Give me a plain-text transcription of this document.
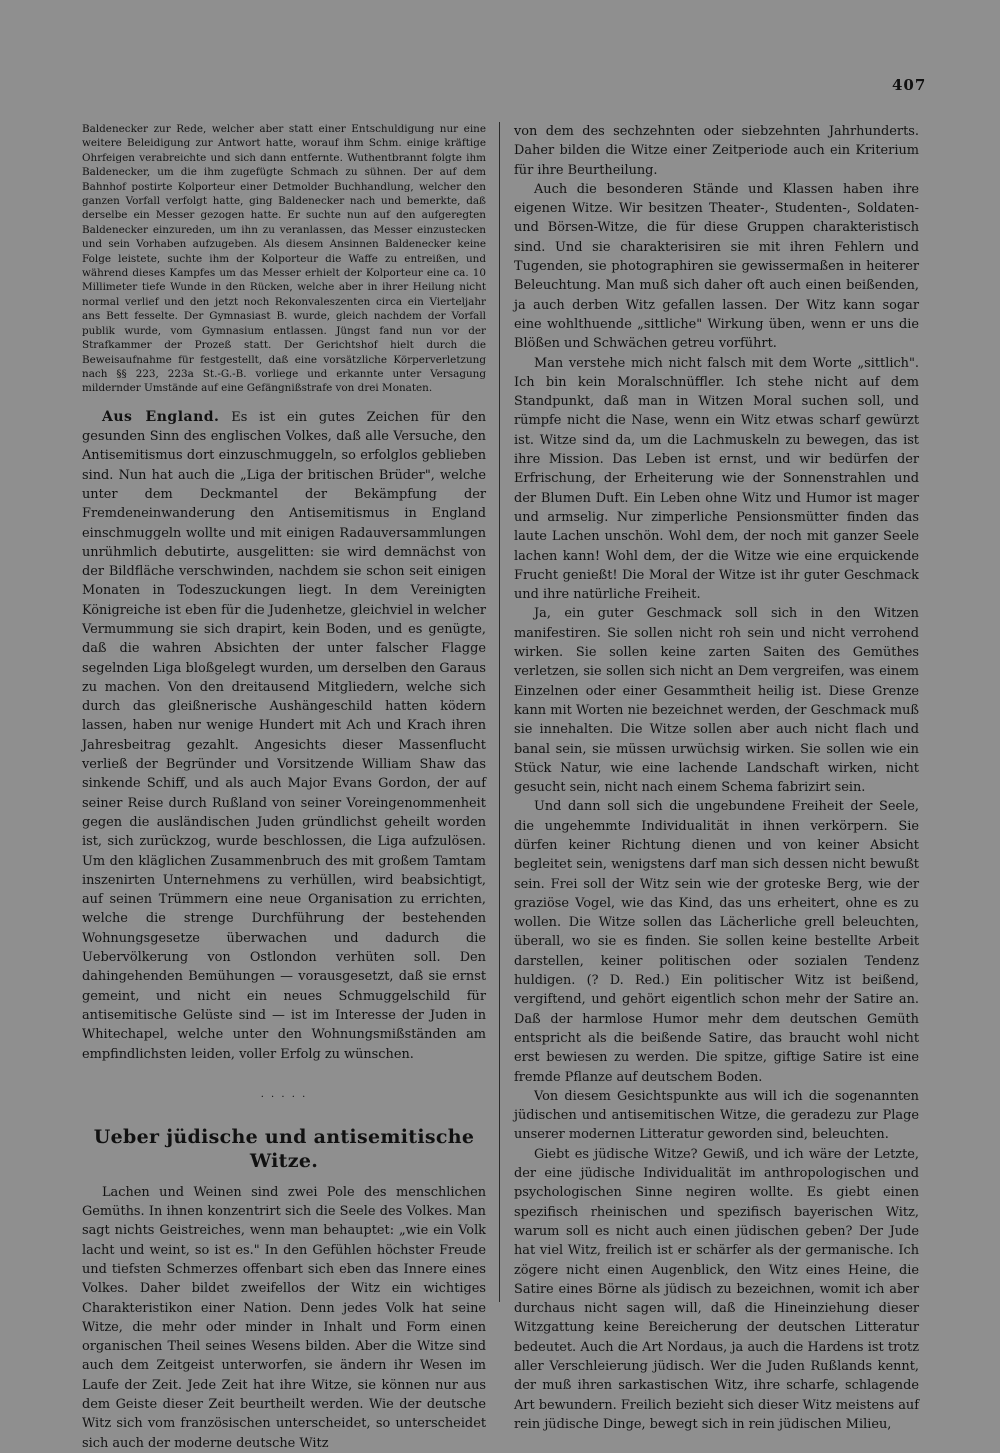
407

Baldenecker zur Rede, welcher aber statt einer Entschuldigung nur eine weitere Beleidigung zur Antwort hatte, worauf ihm Schm. einige kräftige Ohrfeigen verabreichte und sich dann entfernte. Wuthentbrannt folgte ihm Baldenecker, um die ihm zugefügte Schmach zu sühnen. Der auf dem Bahnhof postirte Kolporteur einer Detmolder Buchhandlung, welcher den ganzen Vorfall verfolgt hatte, ging Baldenecker nach und bemerkte, daß derselbe ein Messer gezogen hatte. Er suchte nun auf den aufgeregten Baldenecker einzureden, um ihn zu veranlassen, das Messer einzustecken und sein Vorhaben aufzugeben. Als diesem Ansinnen Baldenecker keine Folge leistete, suchte ihm der Kolporteur die Waffe zu entreißen, und während dieses Kampfes um das Messer erhielt der Kolporteur eine ca. 10 Millimeter tiefe Wunde in den Rücken, welche aber in ihrer Heilung nicht normal verlief und den jetzt noch Rekonvaleszenten circa ein Vierteljahr ans Bett fesselte. Der Gymnasiast B. wurde, gleich nachdem der Vorfall publik wurde, vom Gymnasium entlassen. Jüngst fand nun vor der Strafkammer der Prozeß statt. Der Gerichtshof hielt durch die Beweisaufnahme für festgestellt, daß eine vorsätzliche Körperverletzung nach §§ 223, 223a St.-G.-B. vorliege und erkannte unter Versagung mildernder Umstände auf eine Gefängnißstrafe von drei Monaten.

Aus England. Es ist ein gutes Zeichen für den gesunden Sinn des englischen Volkes, daß alle Versuche, den Antisemitismus dort einzuschmuggeln, so erfolglos geblieben sind. Nun hat auch die „Liga der britischen Brüder", welche unter dem Deckmantel der Bekämpfung der Fremdeneinwanderung den Antisemitismus in England einschmuggeln wollte und mit einigen Radauversammlungen unrühmlich debutirte, ausgelitten: sie wird demnächst von der Bildfläche verschwinden, nachdem sie schon seit einigen Monaten in Todeszuckungen liegt. In dem Vereinigten Königreiche ist eben für die Judenhetze, gleichviel in welcher Vermummung sie sich drapirt, kein Boden, und es genügte, daß die wahren Absichten der unter falscher Flagge segelnden Liga bloßgelegt wurden, um derselben den Garaus zu machen. Von den dreitausend Mitgliedern, welche sich durch das gleißnerische Aushängeschild hatten ködern lassen, haben nur wenige Hundert mit Ach und Krach ihren Jahresbeitrag gezahlt. Angesichts dieser Massenflucht verließ der Begründer und Vorsitzende William Shaw das sinkende Schiff, und als auch Major Evans Gordon, der auf seiner Reise durch Rußland von seiner Voreingenommenheit gegen die ausländischen Juden gründlichst geheilt worden ist, sich zurückzog, wurde beschlossen, die Liga aufzulösen. Um den kläglichen Zusammenbruch des mit großem Tamtam inszenirten Unternehmens zu verhüllen, wird beabsichtigt, auf seinen Trümmern eine neue Organisation zu errichten, welche die strenge Durchführung der bestehenden Wohnungsgesetze überwachen und dadurch die Uebervölkerung von Ostlondon verhüten soll. Den dahingehenden Bemühungen — vorausgesetzt, daß sie ernst gemeint, und nicht ein neues Schmuggelschild für antisemitische Gelüste sind — ist im Interesse der Juden in Whitechapel, welche unter den Wohnungsmißständen am empfindlichsten leiden, voller Erfolg zu wünschen.

· · · · ·
Ueber jüdische und antisemitische Witze.

Lachen und Weinen sind zwei Pole des menschlichen Gemüths. In ihnen konzentrirt sich die Seele des Volkes. Man sagt nichts Geistreiches, wenn man behauptet: „wie ein Volk lacht und weint, so ist es." In den Gefühlen höchster Freude und tiefsten Schmerzes offenbart sich eben das Innere eines Volkes. Daher bildet zweifellos der Witz ein wichtiges Charakteristikon einer Nation. Denn jedes Volk hat seine Witze, die mehr oder minder in Inhalt und Form einen organischen Theil seines Wesens bilden. Aber die Witze sind auch dem Zeitgeist unterworfen, sie ändern ihr Wesen im Laufe der Zeit. Jede Zeit hat ihre Witze, sie können nur aus dem Geiste dieser Zeit beurtheilt werden. Wie der deutsche Witz sich vom französischen unterscheidet, so unterscheidet sich auch der moderne deutsche Witz

von dem des sechzehnten oder siebzehnten Jahrhunderts. Daher bilden die Witze einer Zeitperiode auch ein Kriterium für ihre Beurtheilung.

Auch die besonderen Stände und Klassen haben ihre eigenen Witze. Wir besitzen Theater-, Studenten-, Soldaten- und Börsen-Witze, die für diese Gruppen charakteristisch sind. Und sie charakterisiren sie mit ihren Fehlern und Tugenden, sie photographiren sie gewissermaßen in heiterer Beleuchtung. Man muß sich daher oft auch einen beißenden, ja auch derben Witz gefallen lassen. Der Witz kann sogar eine wohlthuende „sittliche" Wirkung üben, wenn er uns die Blößen und Schwächen getreu vorführt.

Man verstehe mich nicht falsch mit dem Worte „sittlich". Ich bin kein Moralschnüffler. Ich stehe nicht auf dem Standpunkt, daß man in Witzen Moral suchen soll, und rümpfe nicht die Nase, wenn ein Witz etwas scharf gewürzt ist. Witze sind da, um die Lachmuskeln zu bewegen, das ist ihre Mission. Das Leben ist ernst, und wir bedürfen der Erfrischung, der Erheiterung wie der Sonnenstrahlen und der Blumen Duft. Ein Leben ohne Witz und Humor ist mager und armselig. Nur zimperliche Pensionsmütter finden das laute Lachen unschön. Wohl dem, der noch mit ganzer Seele lachen kann! Wohl dem, der die Witze wie eine erquickende Frucht genießt! Die Moral der Witze ist ihr guter Geschmack und ihre natürliche Freiheit.

Ja, ein guter Geschmack soll sich in den Witzen manifestiren. Sie sollen nicht roh sein und nicht verrohend wirken. Sie sollen keine zarten Saiten des Gemüthes verletzen, sie sollen sich nicht an Dem vergreifen, was einem Einzelnen oder einer Gesammtheit heilig ist. Diese Grenze kann mit Worten nie bezeichnet werden, der Geschmack muß sie innehalten. Die Witze sollen aber auch nicht flach und banal sein, sie müssen urwüchsig wirken. Sie sollen wie ein Stück Natur, wie eine lachende Landschaft wirken, nicht gesucht sein, nicht nach einem Schema fabrizirt sein.

Und dann soll sich die ungebundene Freiheit der Seele, die ungehemmte Individualität in ihnen verkörpern. Sie dürfen keiner Richtung dienen und von keiner Absicht begleitet sein, wenigstens darf man sich dessen nicht bewußt sein. Frei soll der Witz sein wie der groteske Berg, wie der graziöse Vogel, wie das Kind, das uns erheitert, ohne es zu wollen. Die Witze sollen das Lächerliche grell beleuchten, überall, wo sie es finden. Sie sollen keine bestellte Arbeit darstellen, keiner politischen oder sozialen Tendenz huldigen. (? D. Red.) Ein politischer Witz ist beißend, vergiftend, und gehört eigentlich schon mehr der Satire an. Daß der harmlose Humor mehr dem deutschen Gemüth entspricht als die beißende Satire, das braucht wohl nicht erst bewiesen zu werden. Die spitze, giftige Satire ist eine fremde Pflanze auf deutschem Boden.

Von diesem Gesichtspunkte aus will ich die sogenannten jüdischen und antisemitischen Witze, die geradezu zur Plage unserer modernen Litteratur geworden sind, beleuchten.

Giebt es jüdische Witze? Gewiß, und ich wäre der Letzte, der eine jüdische Individualität im anthropologischen und psychologischen Sinne negiren wollte. Es giebt einen spezifisch rheinischen und spezifisch bayerischen Witz, warum soll es nicht auch einen jüdischen geben? Der Jude hat viel Witz, freilich ist er schärfer als der germanische. Ich zögere nicht einen Augenblick, den Witz eines Heine, die Satire eines Börne als jüdisch zu bezeichnen, womit ich aber durchaus nicht sagen will, daß die Hineinziehung dieser Witzgattung keine Bereicherung der deutschen Litteratur bedeutet. Auch die Art Nordaus, ja auch die Hardens ist trotz aller Verschleierung jüdisch. Wer die Juden Rußlands kennt, der muß ihren sarkastischen Witz, ihre scharfe, schlagende Art bewundern. Freilich bezieht sich dieser Witz meistens auf rein jüdische Dinge, bewegt sich in rein jüdischen Milieu,
